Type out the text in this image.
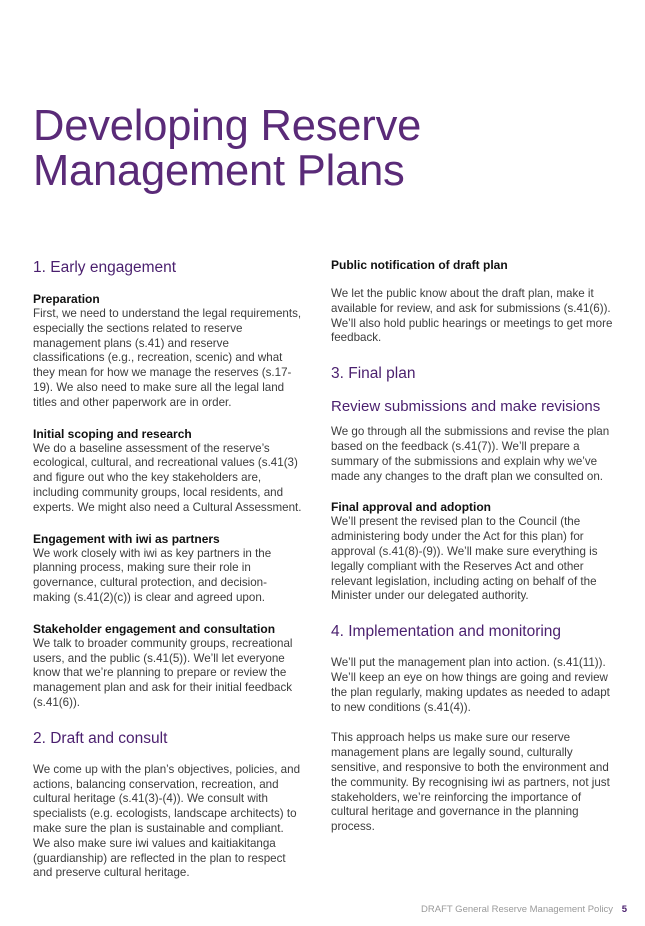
Developing Reserve Management Plans
1. Early engagement
Preparation

First, we need to understand the legal requirements, especially the sections related to reserve management plans (s.41) and reserve classifications (e.g., recreation, scenic) and what they mean for how we manage the reserves (s.17-19). We also need to make sure all the legal land titles and other paperwork are in order.

Initial scoping and research

We do a baseline assessment of the reserve’s ecological, cultural, and recreational values (s.41(3) and figure out who the key stakeholders are, including community groups, local residents, and experts. We might also need a Cultural Assessment.

Engagement with iwi as partners

We work closely with iwi as key partners in the planning process, making sure their role in governance, cultural protection, and decision-making (s.41(2)(c)) is clear and agreed upon.

Stakeholder engagement and consultation

We talk to broader community groups, recreational users, and the public (s.41(5)). We’ll let everyone know that we’re planning to prepare or review the management plan and ask for their initial feedback (s.41(6)).

2. Draft and consult

We come up with the plan’s objectives, policies, and actions, balancing conservation, recreation, and cultural heritage (s.41(3)-(4)). We consult with specialists (e.g. ecologists, landscape architects) to make sure the plan is sustainable and compliant. We also make sure iwi values and kaitiakitanga (guardianship) are reflected in the plan to respect and preserve cultural heritage.

Public notification of draft plan

We let the public know about the draft plan, make it available for review, and ask for submissions (s.41(6)). We’ll also hold public hearings or meetings to get more feedback.

3. Final plan
Review submissions and make revisions

We go through all the submissions and revise the plan based on the feedback (s.41(7)). We’ll prepare a summary of the submissions and explain why we’ve made any changes to the draft plan we consulted on.

Final approval and adoption

We’ll present the revised plan to the Council (the administering body under the Act for this plan) for approval (s.41(8)-(9)). We’ll make sure everything is legally compliant with the Reserves Act and other relevant legislation, including acting on behalf of the Minister under our delegated authority.

4. Implementation and monitoring

We’ll put the management plan into action. (s.41(11)). We’ll keep an eye on how things are going and review the plan regularly, making updates as needed to adapt to new conditions (s.41(4)).

This approach helps us make sure our reserve management plans are legally sound, culturally sensitive, and responsive to both the environment and the community. By recognising iwi as partners, not just stakeholders, we’re reinforcing the importance of cultural heritage and governance in the planning process.

DRAFT General Reserve Management Policy 5
